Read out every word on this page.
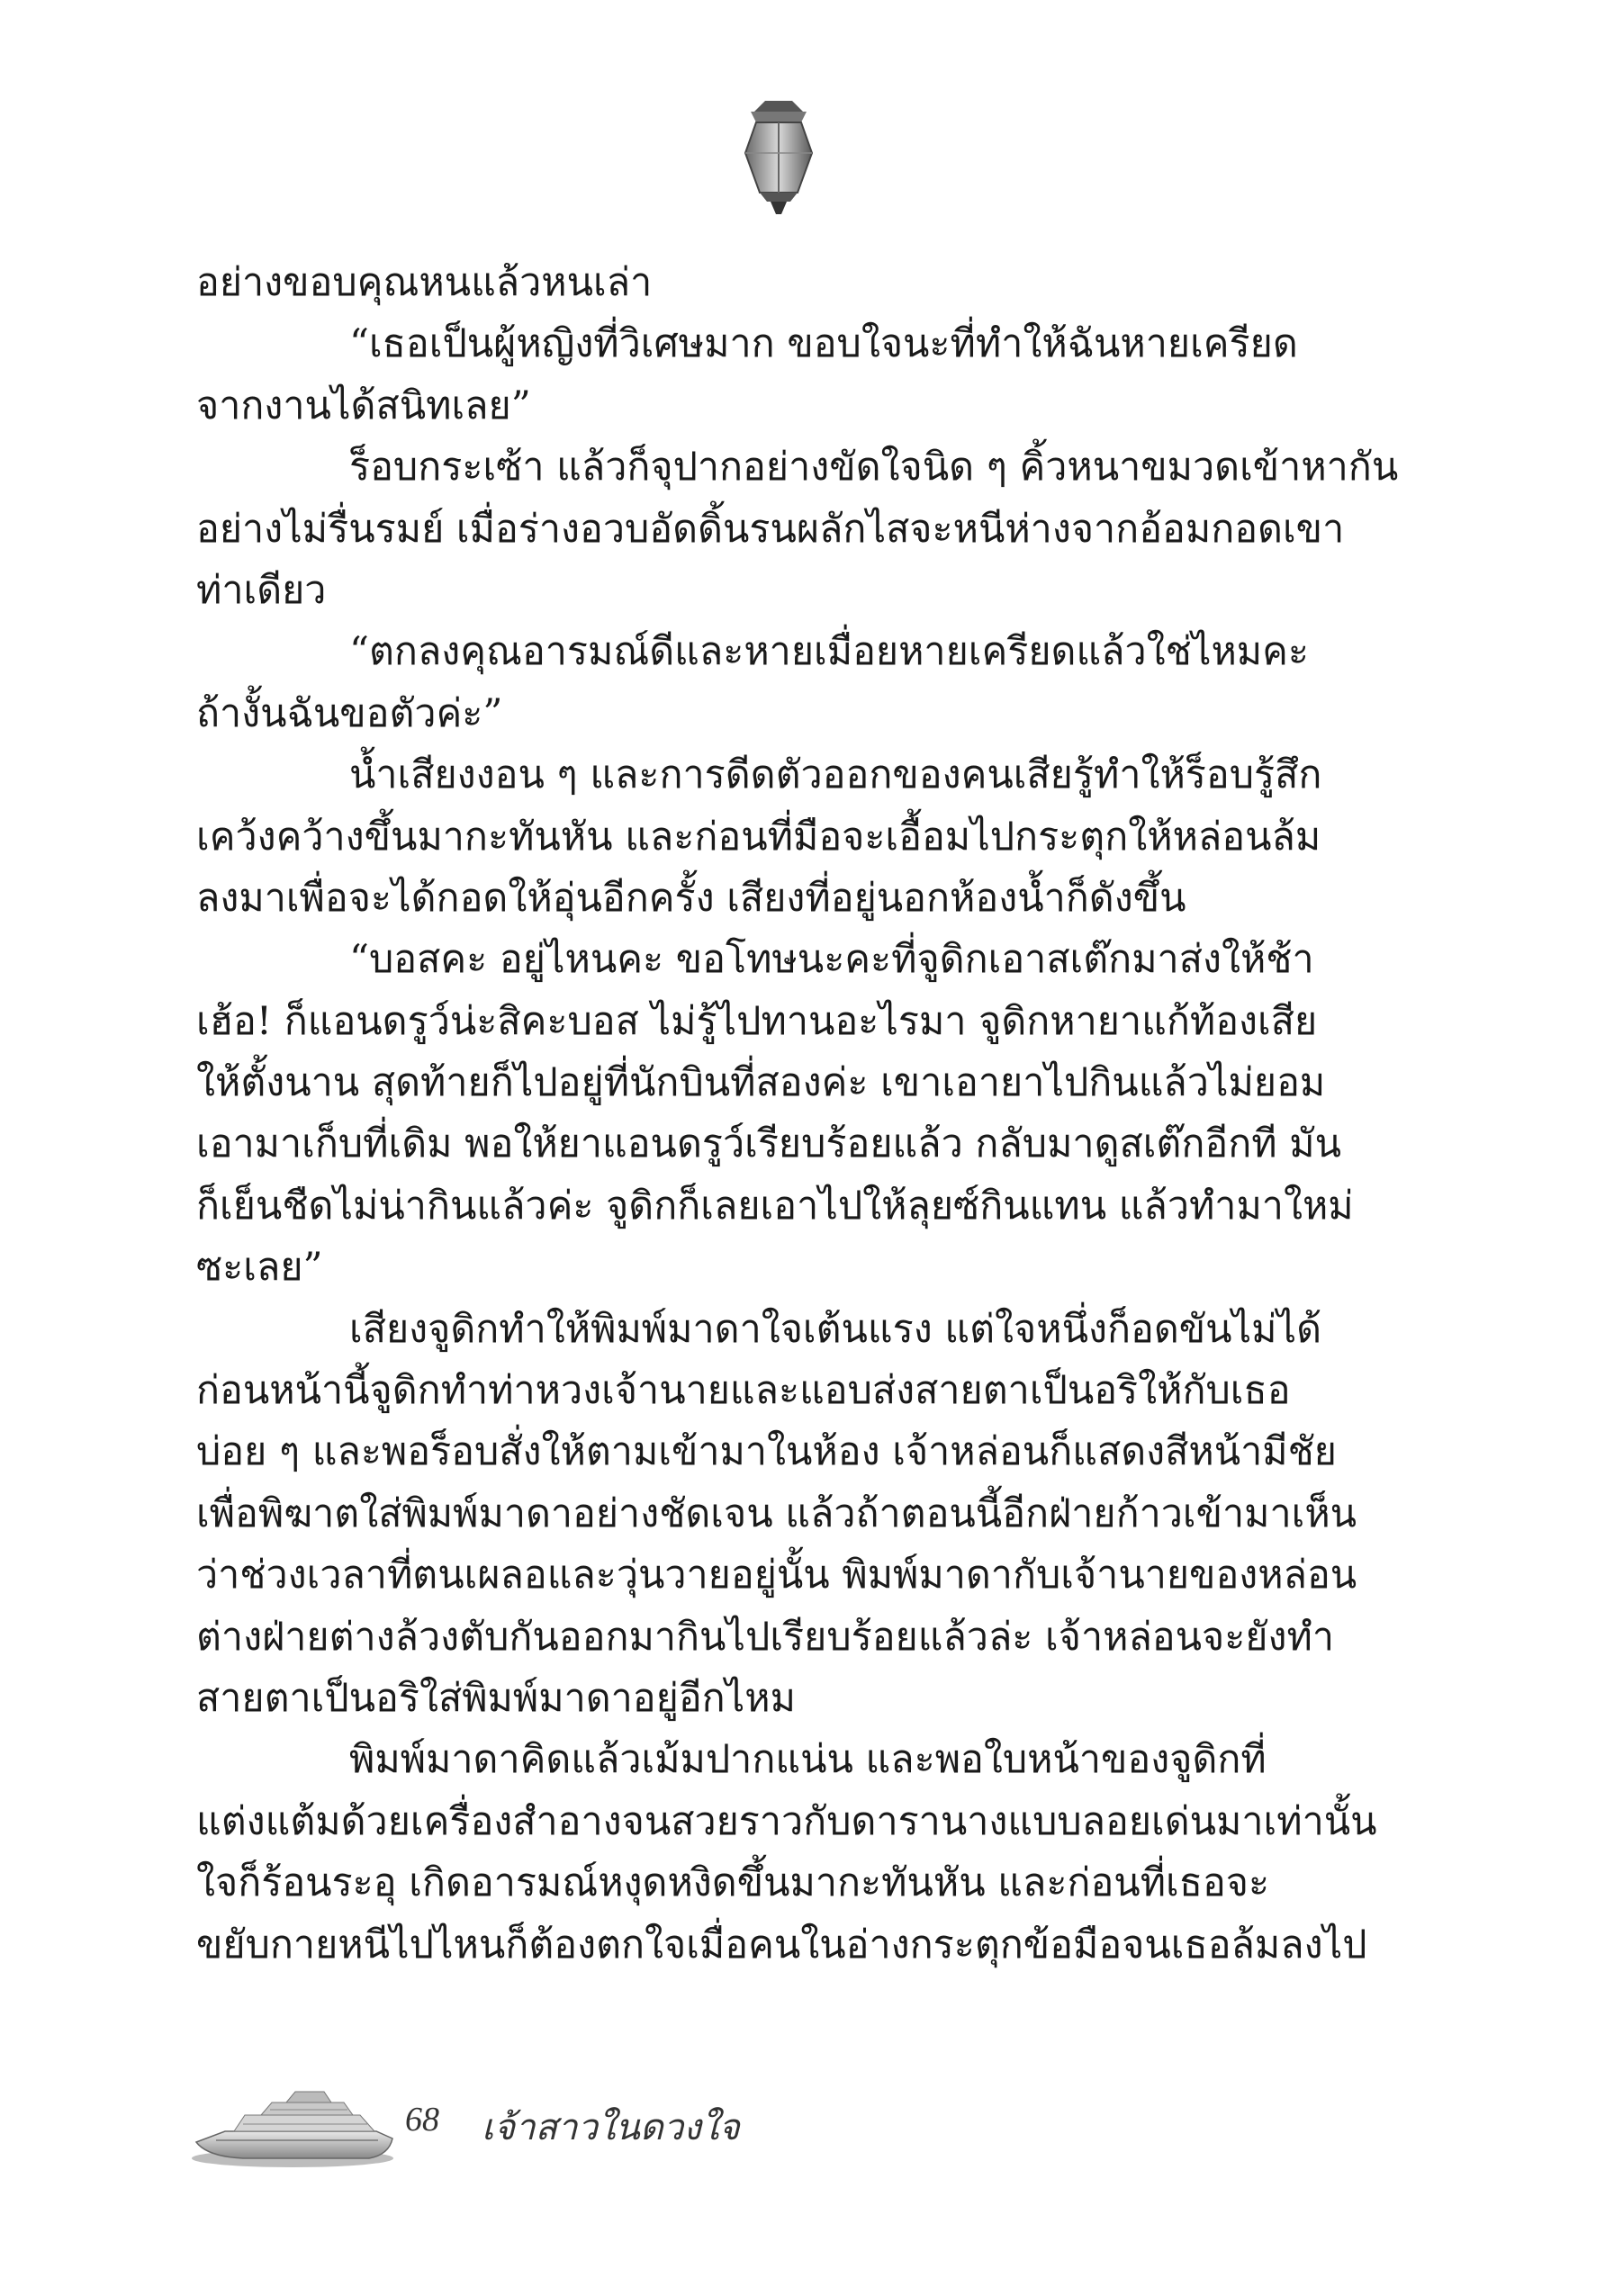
อย่างขอบคุณหนแล้วหนเล่า
“เธอเป็นผู้หญิงที่วิเศษมาก ขอบใจนะที่ทำให้ฉันหายเครียด
จากงานได้สนิทเลย”
ร็อบกระเซ้า แล้วก็จุปากอย่างขัดใจนิด ๆ คิ้วหนาขมวดเข้าหากัน
อย่างไม่รื่นรมย์ เมื่อร่างอวบอัดดิ้นรนผลักไสจะหนีห่างจากอ้อมกอดเขา
ท่าเดียว
“ตกลงคุณอารมณ์ดีและหายเมื่อยหายเครียดแล้วใช่ไหมคะ
ถ้างั้นฉันขอตัวค่ะ”
น้ำเสียงงอน ๆ และการดีดตัวออกของคนเสียรู้ทำให้ร็อบรู้สึก
เคว้งคว้างขึ้นมากะทันหัน และก่อนที่มือจะเอื้อมไปกระตุกให้หล่อนล้ม
ลงมาเพื่อจะได้กอดให้อุ่นอีกครั้ง เสียงที่อยู่นอกห้องน้ำก็ดังขึ้น
“บอสคะ อยู่ไหนคะ ขอโทษนะคะที่จูดิกเอาสเต๊กมาส่งให้ช้า
เฮ้อ! ก็แอนดรูว์น่ะสิคะบอส ไม่รู้ไปทานอะไรมา จูดิกหายาแก้ท้องเสีย
ให้ตั้งนาน สุดท้ายก็ไปอยู่ที่นักบินที่สองค่ะ เขาเอายาไปกินแล้วไม่ยอม
เอามาเก็บที่เดิม พอให้ยาแอนดรูว์เรียบร้อยแล้ว กลับมาดูสเต๊กอีกที มัน
ก็เย็นชืดไม่น่ากินแล้วค่ะ จูดิกก็เลยเอาไปให้ลุยซ์กินแทน แล้วทำมาใหม่
ซะเลย”
เสียงจูดิกทำให้พิมพ์มาดาใจเต้นแรง แต่ใจหนึ่งก็อดขันไม่ได้
ก่อนหน้านี้จูดิกทำท่าหวงเจ้านายและแอบส่งสายตาเป็นอริให้กับเธอ
บ่อย ๆ และพอร็อบสั่งให้ตามเข้ามาในห้อง เจ้าหล่อนก็แสดงสีหน้ามีชัย
เพื่อพิฆาตใส่พิมพ์มาดาอย่างชัดเจน แล้วถ้าตอนนี้อีกฝ่ายก้าวเข้ามาเห็น
ว่าช่วงเวลาที่ตนเผลอและวุ่นวายอยู่นั้น พิมพ์มาดากับเจ้านายของหล่อน
ต่างฝ่ายต่างล้วงตับกันออกมากินไปเรียบร้อยแล้วล่ะ เจ้าหล่อนจะยังทำ
สายตาเป็นอริใส่พิมพ์มาดาอยู่อีกไหม
พิมพ์มาดาคิดแล้วเม้มปากแน่น และพอใบหน้าของจูดิกที่
แต่งแต้มด้วยเครื่องสำอางจนสวยราวกับดารานางแบบลอยเด่นมาเท่านั้น
ใจก็ร้อนระอุ เกิดอารมณ์หงุดหงิดขึ้นมากะทันหัน และก่อนที่เธอจะ
ขยับกายหนีไปไหนก็ต้องตกใจเมื่อคนในอ่างกระตุกข้อมือจนเธอล้มลงไป
68 เจ้าสาวในดวงใจ
